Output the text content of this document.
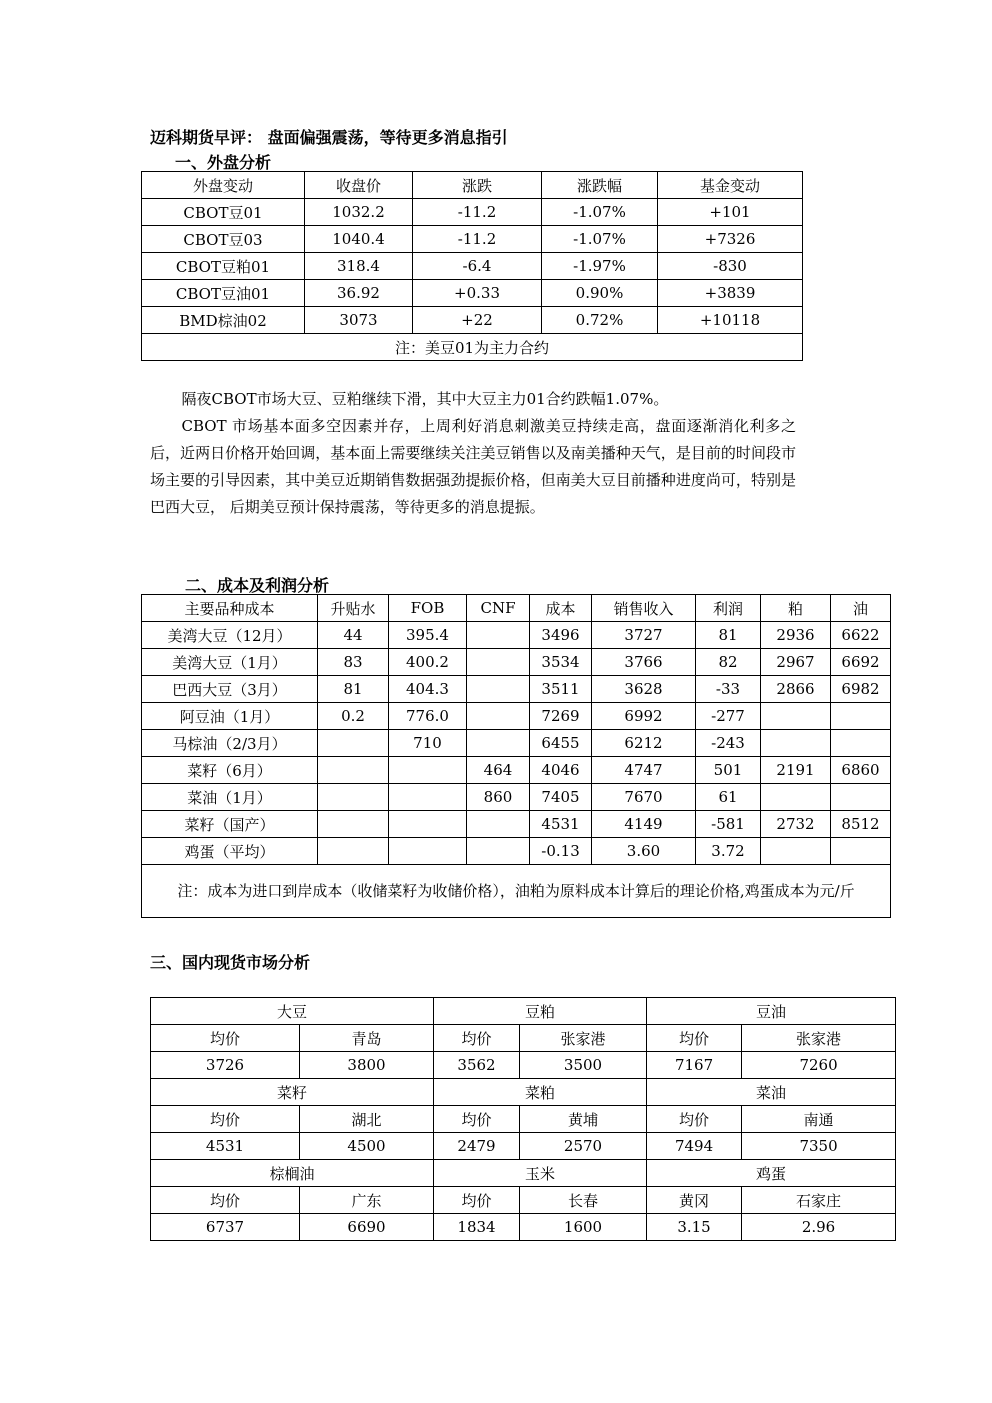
迈科期货早评： 盘面偏强震荡，等待更多消息指引
一、外盘分析
外盘变动	收盘价	涨跌	涨跌幅	基金变动
CBOT豆01	1032.2	-11.2	-1.07%	+101
CBOT豆03	1040.4	-11.2	-1.07%	+7326
CBOT豆粕01	318.4	-6.4	-1.97%	-830
CBOT豆油01	36.92	+0.33	0.90%	+3839
BMD棕油02	3073	+22	0.72%	+10118
注：美豆01为主力合约				

隔夜CBOT市场大豆、豆粕继续下滑，其中大豆主力01合约跌幅1.07%。

CBOT 市场基本面多空因素并存，上周利好消息刺激美豆持续走高，盘面逐渐消化利多之后，近两日价格开始回调，基本面上需要继续关注美豆销售以及南美播种天气，是目前的时间段市场主要的引导因素，其中美豆近期销售数据强劲提振价格，但南美大豆目前播种进度尚可，特别是巴西大豆， 后期美豆预计保持震荡，等待更多的消息提振。

二、成本及利润分析
主要品种成本	升贴水	FOB	CNF	成本	销售收入	利润	粕	油
美湾大豆（12月）	44	395.4		3496	3727	81	2936	6622
美湾大豆（1月）	83	400.2		3534	3766	82	2967	6692
巴西大豆（3月）	81	404.3		3511	3628	-33	2866	6982
阿豆油（1月）	0.2	776.0		7269	6992	-277		
马棕油（2/3月）		710		6455	6212	-243		
菜籽（6月）			464	4046	4747	501	2191	6860
菜油（1月）			860	7405	7670	61		
菜籽（国产）				4531	4149	-581	2732	8512
鸡蛋（平均）				-0.13	3.60	3.72		
注：成本为进口到岸成本（收储菜籽为收储价格），油粕为原料成本计算后的理论价格,鸡蛋成本为元/斤								
三、国内现货市场分析
大豆		豆粕		豆油	
均价	青岛	均价	张家港	均价	张家港
3726	3800	3562	3500	7167	7260
菜籽		菜粕		菜油	
均价	湖北	均价	黄埔	均价	南通
4531	4500	2479	2570	7494	7350
棕榈油		玉米		鸡蛋	
均价	广东	均价	长春	黄冈	石家庄
6737	6690	1834	1600	3.15	2.96
